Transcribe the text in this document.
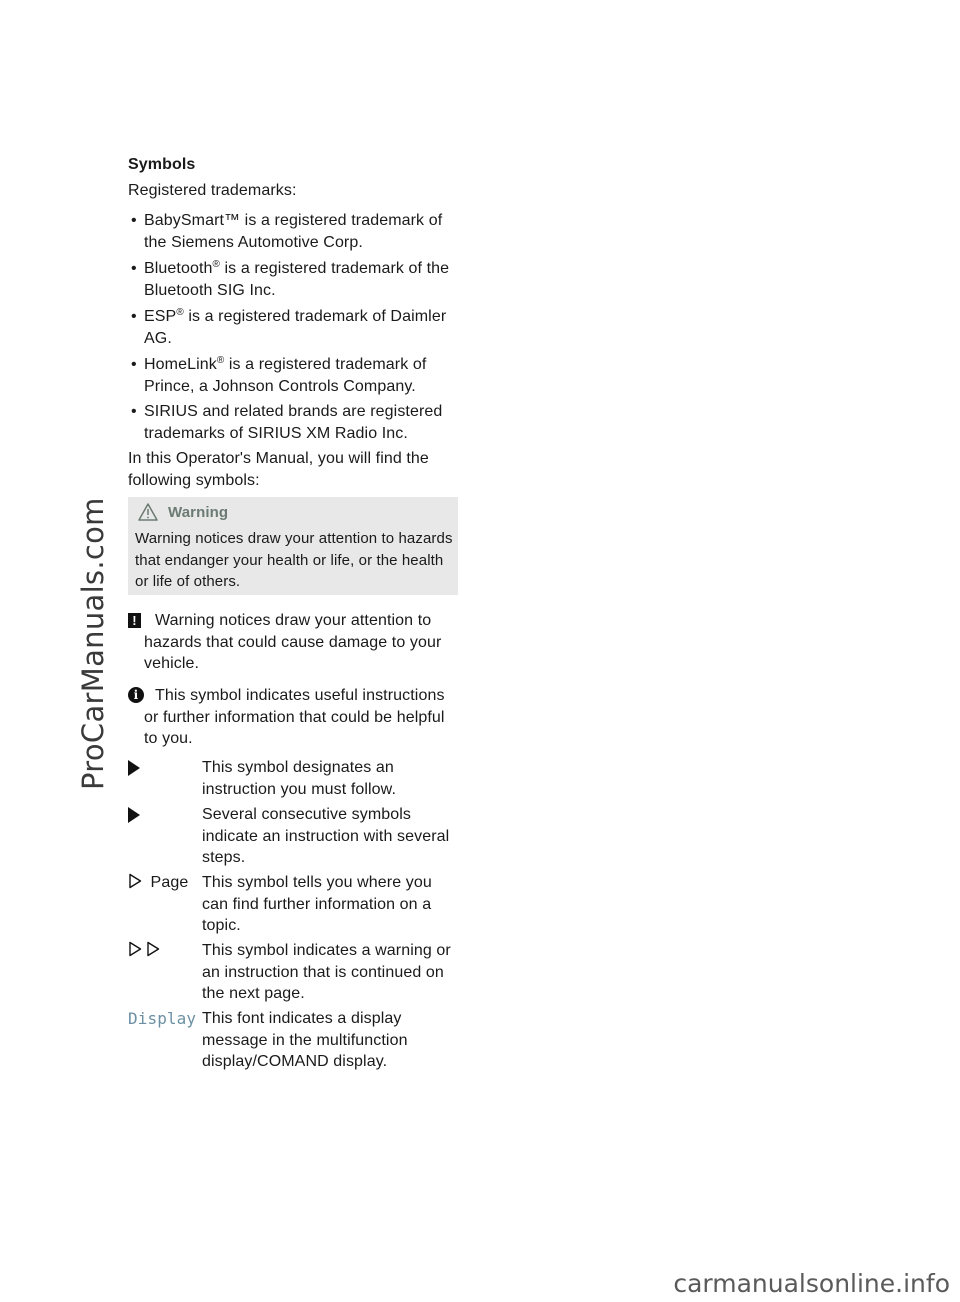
ProCarManuals.com
Symbols
Registered trademarks:
• BabySmart™ is a registered trademark of the Siemens Automotive Corp.
• Bluetooth® is a registered trademark of the Bluetooth SIG Inc.
• ESP® is a registered trademark of Daimler AG.
• HomeLink® is a registered trademark of Prince, a Johnson Controls Company.
• SIRIUS and related brands are registered trademarks of SIRIUS XM Radio Inc.
In this Operator's Manual, you will find the following symbols:
Warning
Warning notices draw your attention to hazards that endanger your health or life, or the health or life of others.
! Warning notices draw your attention to hazards that could cause damage to your vehicle.
i	This symbol indicates useful instructions or further information that could be helpful to you.
This symbol designates an instruction you must follow.
Several consecutive symbols indicate an instruction with several steps.
Page This symbol tells you where you can find further information on a topic.
This symbol indicates a warning or an instruction that is continued on the next page.
Display This font indicates a display message in the multifunction display/COMAND display.
carmanualsonline.info
